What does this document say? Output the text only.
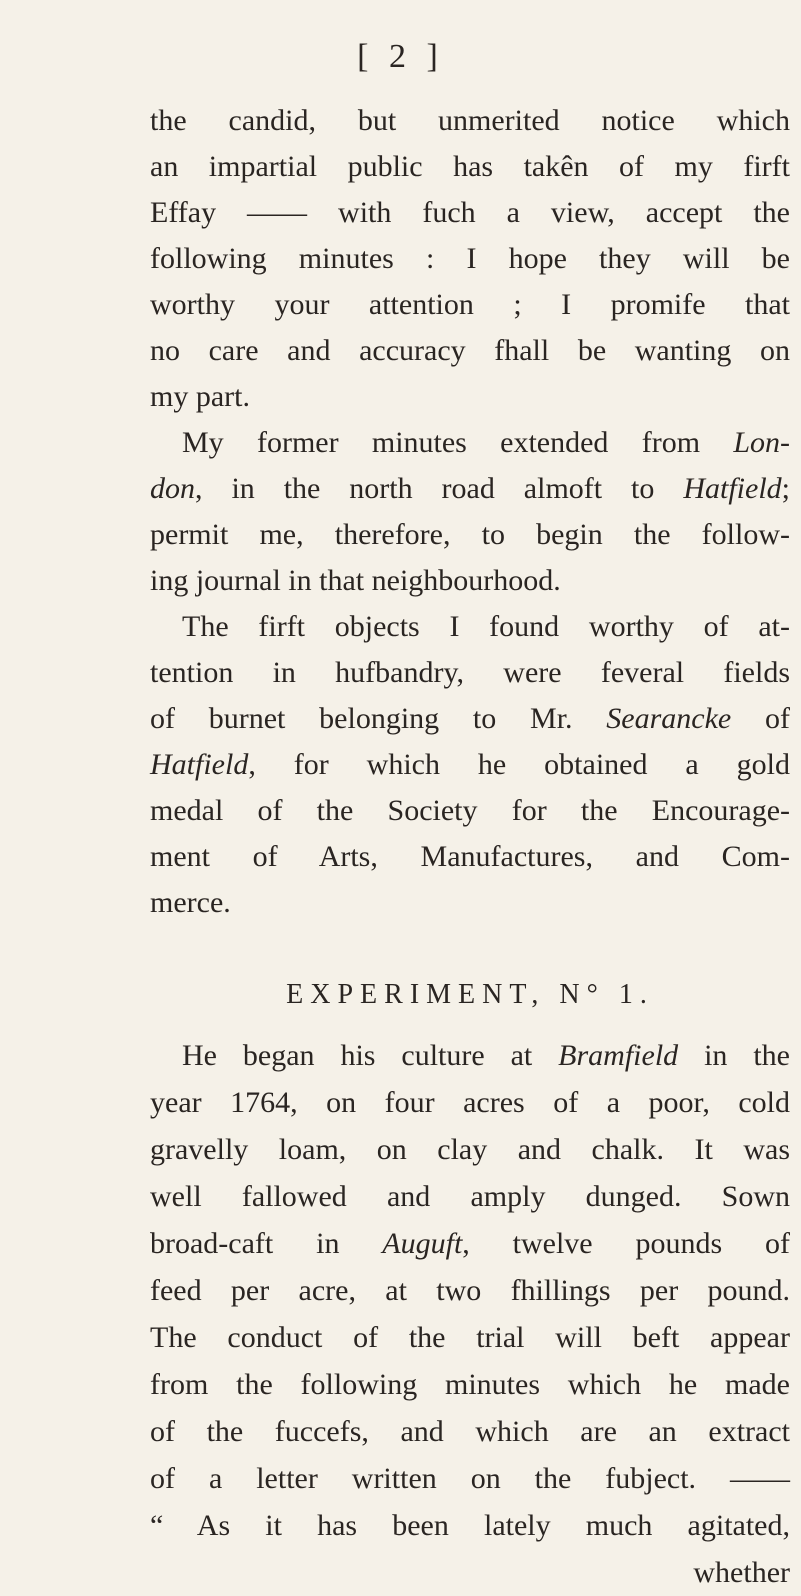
[ 2 ]
the candid, but unmerited notice which
an impartial public has takên of my firft
Effay —— with fuch a view, accept the
following minutes : I hope they will be
worthy your attention ; I promife that
no care and accuracy fhall be wanting on
my part.
My former minutes extended from Lon-
don, in the north road almoft to Hatfield;
permit me, therefore, to begin the follow-
ing journal in that neighbourhood.
The firft objects I found worthy of at-
tention in hufbandry, were feveral fields
of burnet belonging to Mr. Searancke of
Hatfield, for which he obtained a gold
medal of the Society for the Encourage-
ment of Arts, Manufactures, and Com-
merce.
EXPERIMENT, N° 1.
He began his culture at Bramfield in the
year 1764, on four acres of a poor, cold
gravelly loam, on clay and chalk. It was
well fallowed and amply dunged. Sown
broad-caft in Auguft, twelve pounds of
feed per acre, at two fhillings per pound.
The conduct of the trial will beft appear
from the following minutes which he made
of the fuccefs, and which are an extract
of a letter written on the fubject. ——
“ As it has been lately much agitated,
whether
